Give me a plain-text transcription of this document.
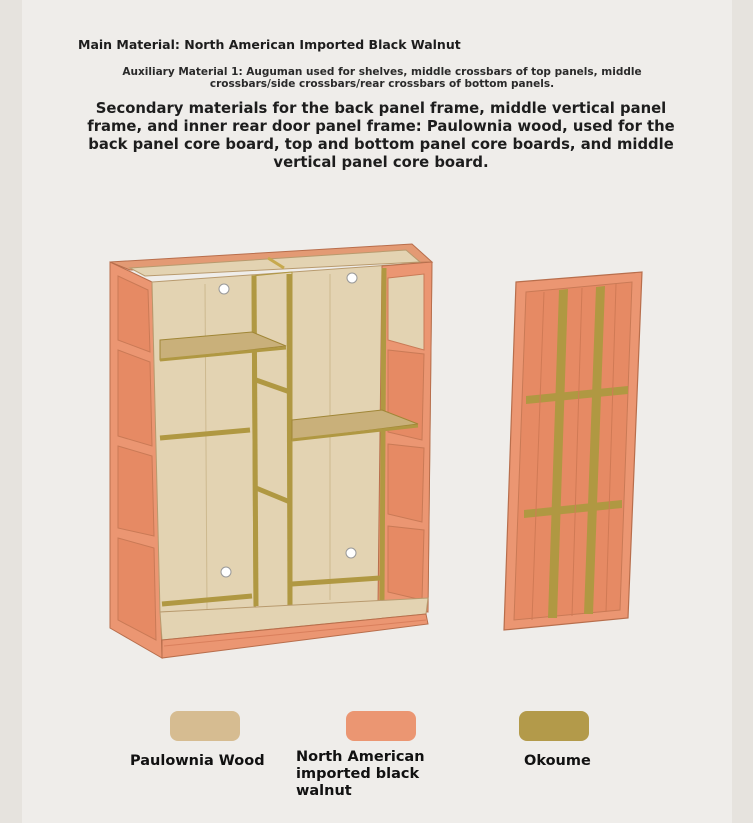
Main Material: North American Imported Black Walnut
Auxiliary Material 1: Auguman used for shelves, middle crossbars of top panels, middle crossbars/side crossbars/rear crossbars of bottom panels.
Secondary materials for the back panel frame, middle vertical panel frame, and inner rear door panel frame: Paulownia wood, used for the back panel core board, top and bottom panel core boards, and middle vertical panel core board.
Paulownia Wood	North American imported black walnut
Okoume
